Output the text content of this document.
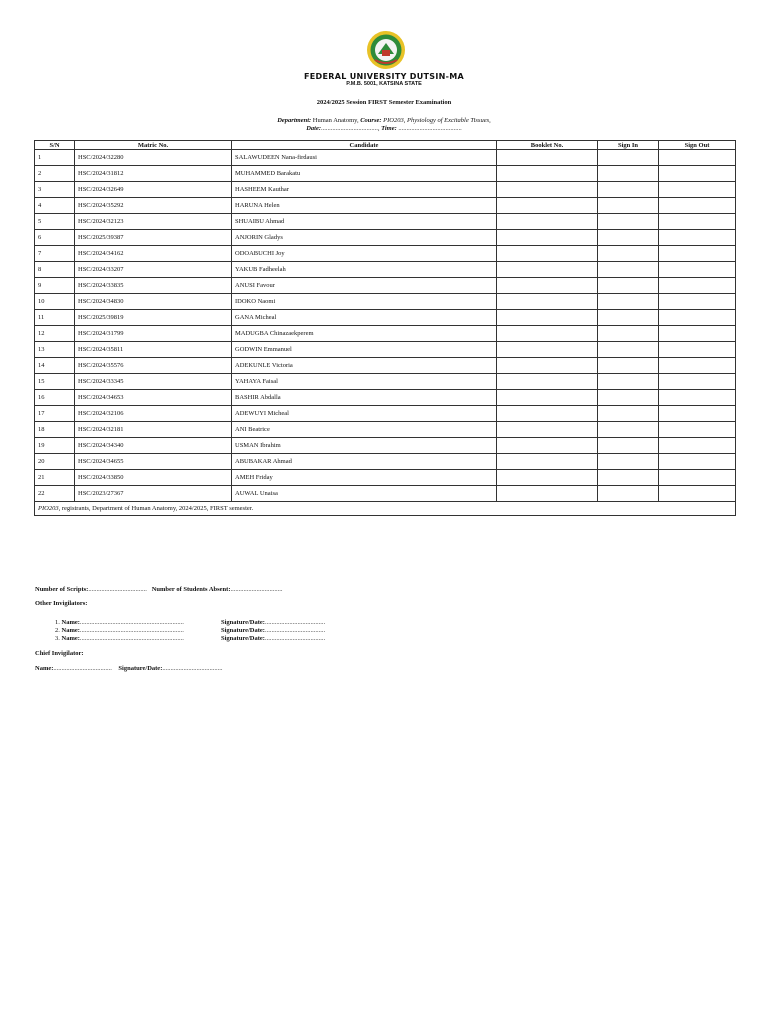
FEDERAL UNIVERSITY DUTSIN-MA
P.M.B. 5001, KATSINA STATE
2024/2025 Session FIRST Semester Examination
Department: Human Anatomy, Course: PIO203, Physiology of Excitable Tissues,
Date:..................................., Time: .......................................
S/N	Matric No.	Candidate	Booklet No.	Sign In	Sign Out
1	HSC/2024/32280	SALAWUDEEN Nana-firdausi			
2	HSC/2024/31812	MUHAMMED Barakatu			
3	HSC/2024/32649	HASHEEM Kauthar			
4	HSC/2024/35292	HARUNA Helen			
5	HSC/2024/32123	SHUAIBU Ahmad			
6	HSC/2025/39387	ANJORIN Gladys			
7	HSC/2024/34162	ODOABUCHI Joy			
8	HSC/2024/33207	YAKUB Fadheelah			
9	HSC/2024/33835	ANUSI Favour			
10	HSC/2024/34830	IDOKO Naomi			
11	HSC/2025/39819	GANA Micheal			
12	HSC/2024/31799	MADUGBA Chinazaekperem			
13	HSC/2024/35811	GODWIN Emmanuel			
14	HSC/2024/35576	ADEKUNLE Victoria			
15	HSC/2024/33345	YAHAYA Faisal			
16	HSC/2024/34653	BASHIR Abdalla			
17	HSC/2024/32106	ADEWUYI Micheal			
18	HSC/2024/32181	ANI Beatrice			
19	HSC/2024/34340	USMAN Ibrahim			
20	HSC/2024/34655	ABUBAKAR Ahmad			
21	HSC/2024/33850	AMEH Friday			
22	HSC/2023/27367	AUWAL Unaisa			
PIO203, registrants, Department of Human Anatomy, 2024/2025, FIRST semester.					
Number of Scripts:.................................... Number of Students Absent:................................
Other Invigilators:
1. Name:................................................................	Signature/Date:.....................................
2. Name:................................................................	Signature/Date:.....................................
3. Name:................................................................	Signature/Date:.....................................
Chief Invigilator:
Name:.................................... Signature/Date:.....................................
